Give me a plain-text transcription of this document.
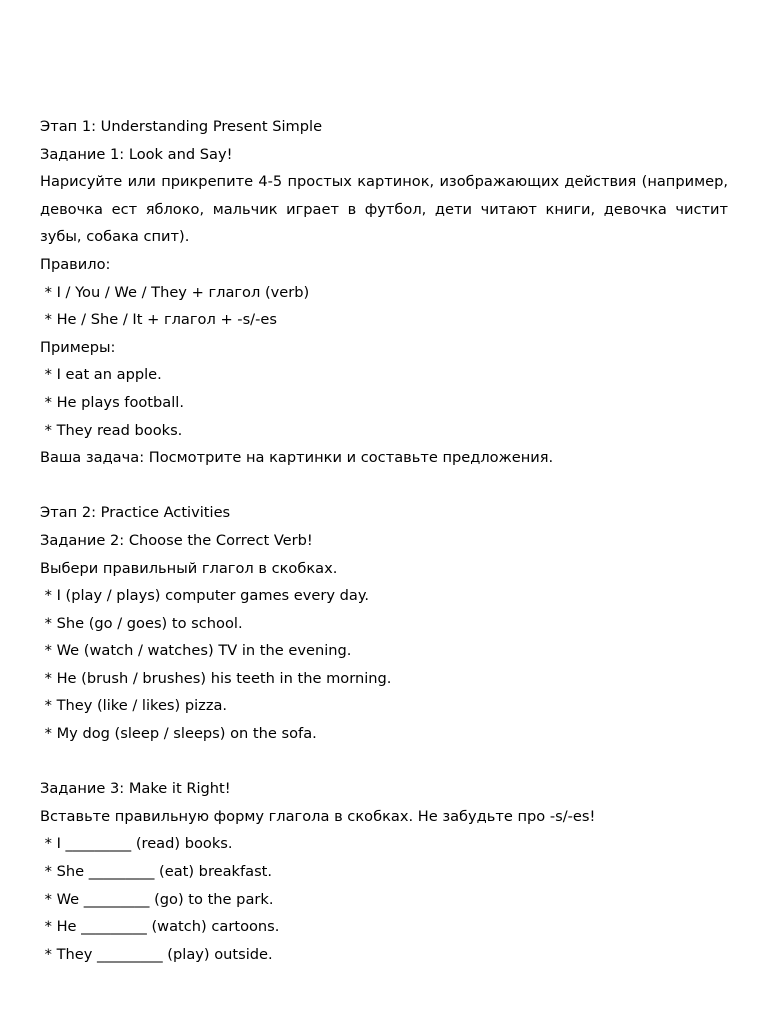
Этап 1: Understanding Present Simple
Задание 1: Look and Say!
Нарисуйте или прикрепите 4-5 простых картинок, изображающих действия (например, девочка ест яблоко, мальчик играет в футбол, дети читают книги, девочка чистит зубы, собака спит).
Правило:
* I / You / We / They + глагол (verb)
* He / She / It + глагол + -s/-es
Примеры:
* I eat an apple.
* He plays football.
* They read books.
Ваша задача: Посмотрите на картинки и составьте предложения.
Этап 2: Practice Activities
Задание 2: Choose the Correct Verb!
Выбери правильный глагол в скобках.
* I (play / plays) computer games every day.
* She (go / goes) to school.
* We (watch / watches) TV in the evening.
* He (brush / brushes) his teeth in the morning.
* They (like / likes) pizza.
* My dog (sleep / sleeps) on the sofa.
Задание 3: Make it Right!
Вставьте правильную форму глагола в скобках. Не забудьте про -s/-es!
* I _________ (read) books.
* She _________ (eat) breakfast.
* We _________ (go) to the park.
* He _________ (watch) cartoons.
* They _________ (play) outside.
